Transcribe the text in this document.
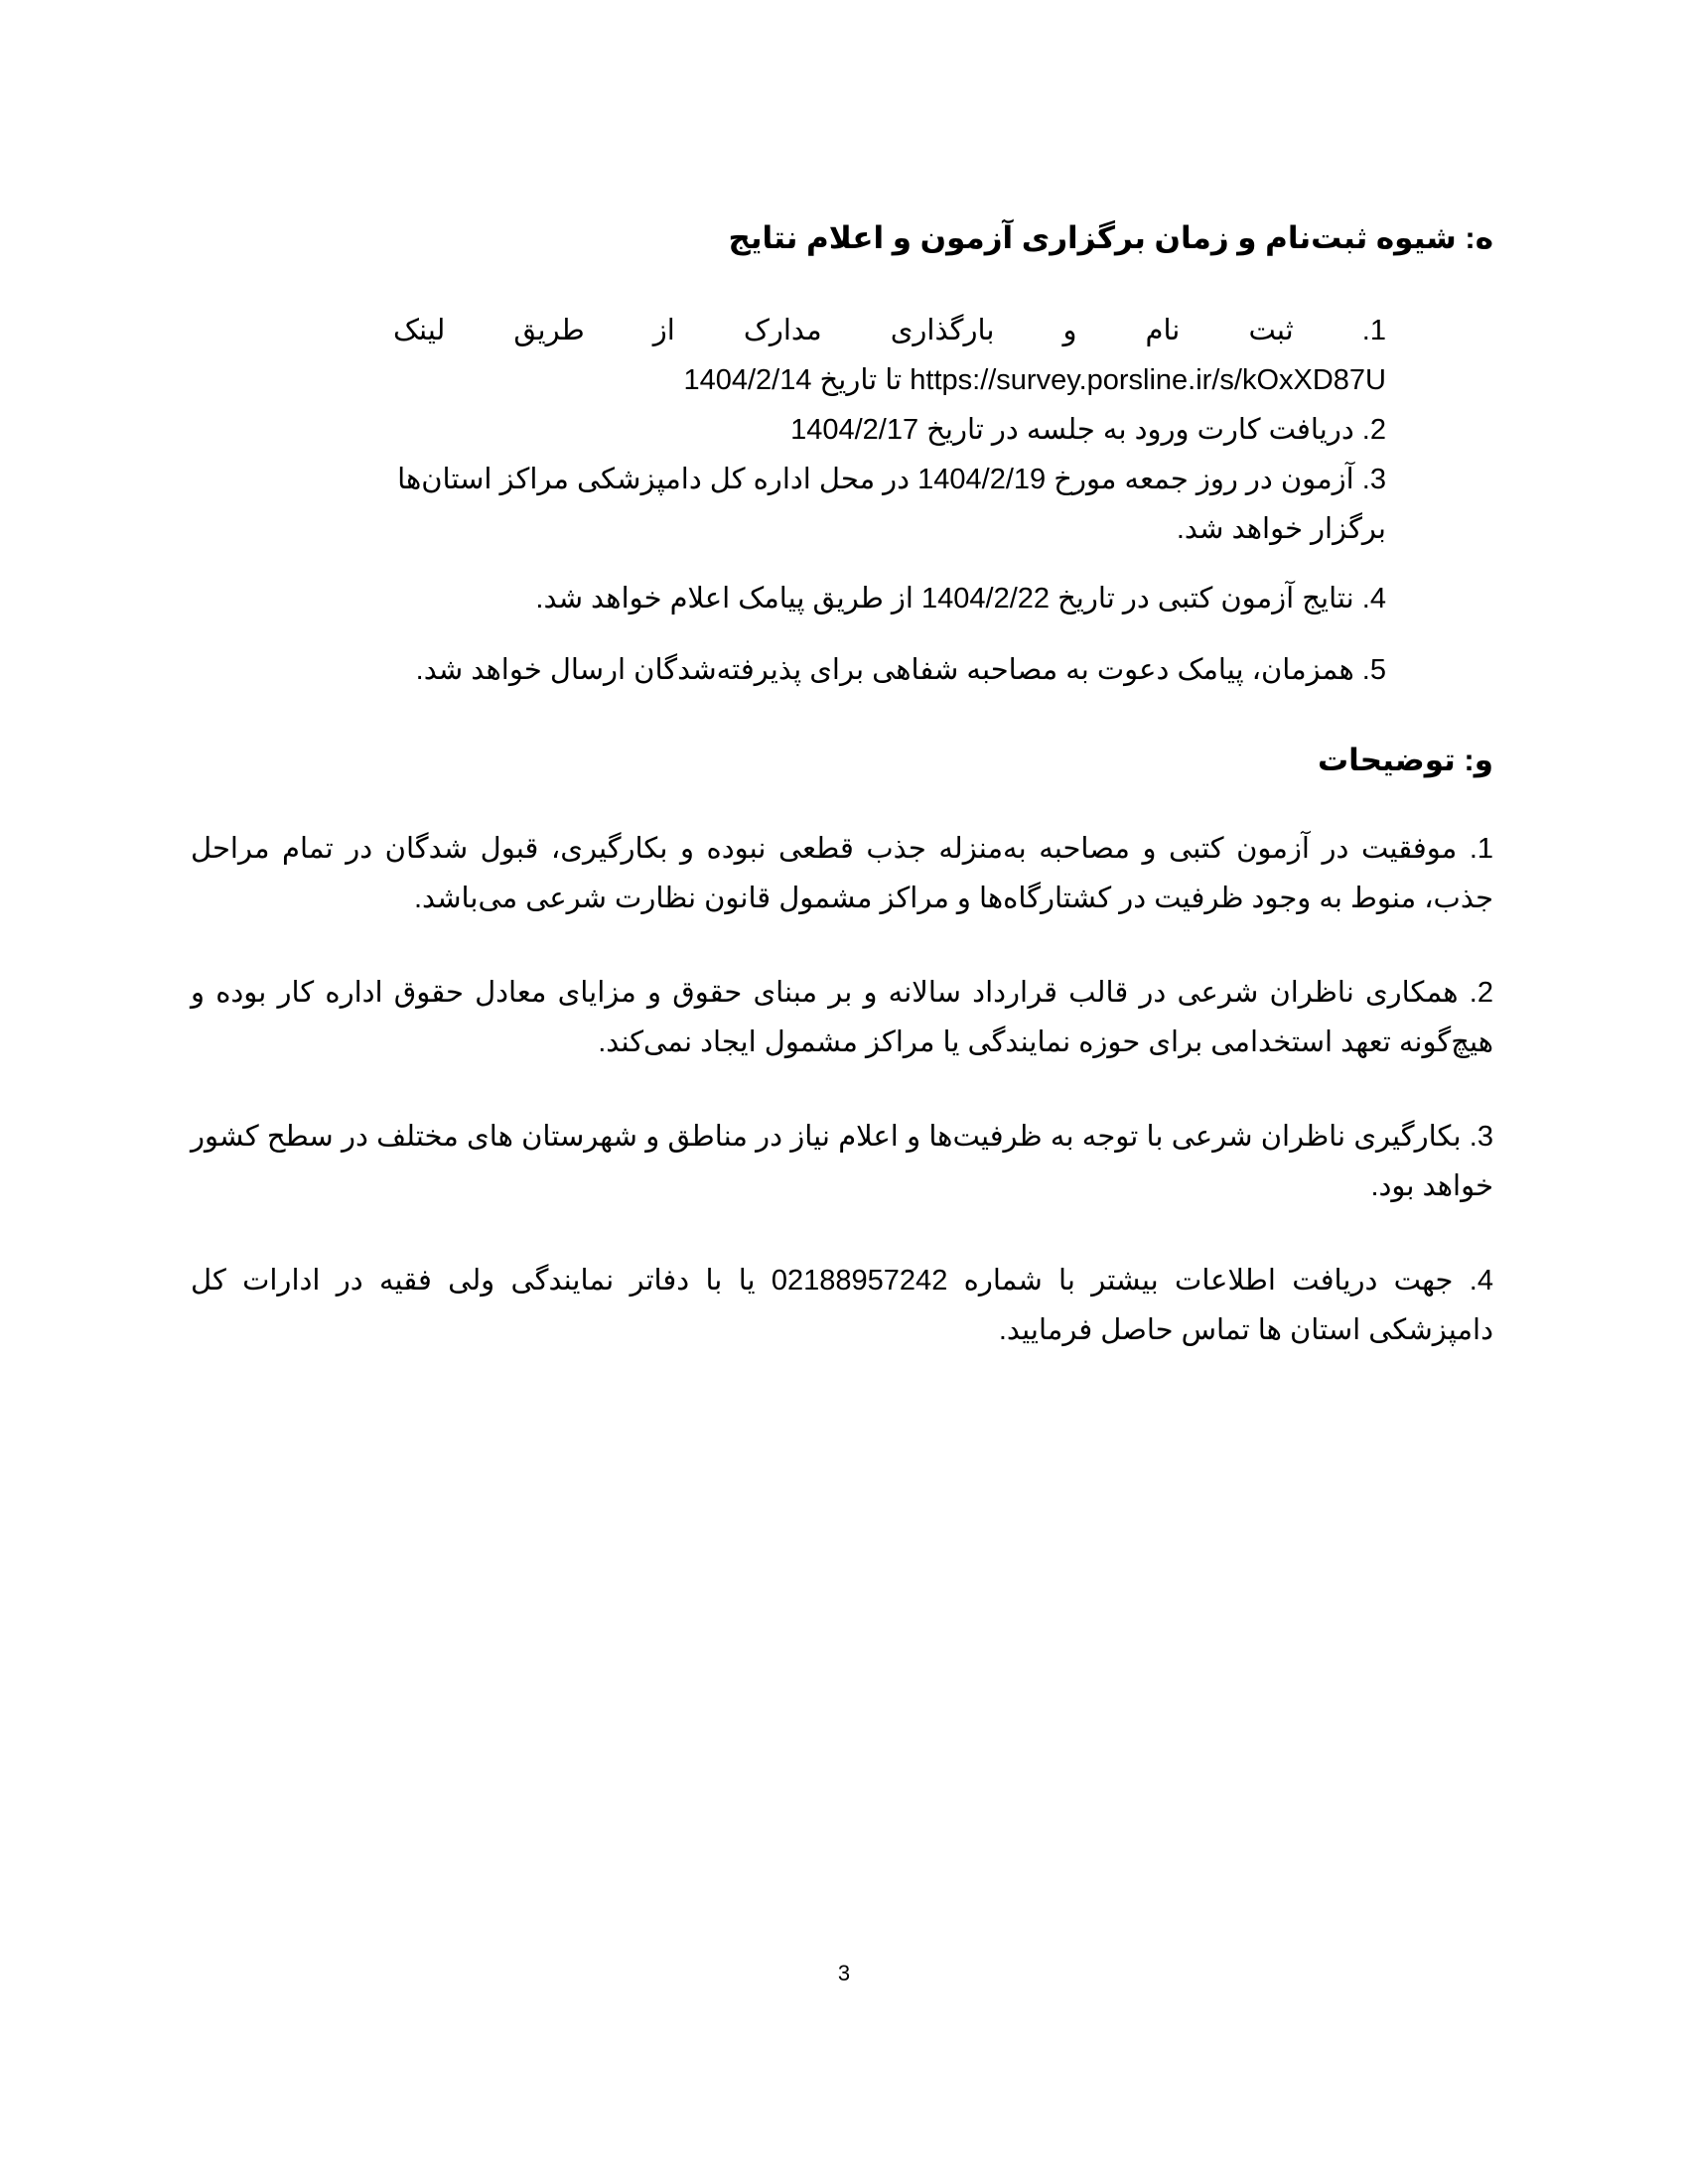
ه: شیوه ثبت‌نام و زمان برگزاری آزمون و اعلام نتایج
1.
ثبت
نام
و
بارگذاری
مدارک
از
طریق
لینک
https://survey.porsline.ir/s/kOxXD87U تا تاریخ 1404/2/14

2. دریافت کارت ورود به جلسه در تاریخ 1404/2/17

3. آزمون در روز جمعه مورخ 1404/2/19 در محل اداره کل دامپزشکی مراکز استان‌ها برگزار خواهد شد.

4. نتایج آزمون کتبی در تاریخ 1404/2/22 از طریق پیامک اعلام خواهد شد.

5. همزمان، پیامک دعوت به مصاحبه شفاهی برای پذیرفته‌شدگان ارسال خواهد شد.

و: توضیحات

1. موفقیت در آزمون کتبی و مصاحبه به‌منزله جذب قطعی نبوده و بکارگیری، قبول شدگان در تمام مراحل جذب، منوط به وجود ظرفیت در کشتارگاه‌ها و مراکز مشمول قانون نظارت شرعی می‌باشد.

2. همکاری ناظران شرعی در قالب قرارداد سالانه و بر مبنای حقوق و مزایای معادل حقوق اداره کار بوده و هیچ‌گونه تعهد استخدامی برای حوزه نمایندگی یا مراکز مشمول ایجاد نمی‌کند.

3. بکارگیری ناظران شرعی با توجه به ظرفیت‌ها و اعلام نیاز در مناطق و شهرستان های مختلف در سطح کشور خواهد بود.

4. جهت دریافت اطلاعات بیشتر با شماره 02188957242 یا با دفاتر نمایندگی ولی فقیه در ادارات کل دامپزشکی استان ها تماس حاصل فرمایید.

3
